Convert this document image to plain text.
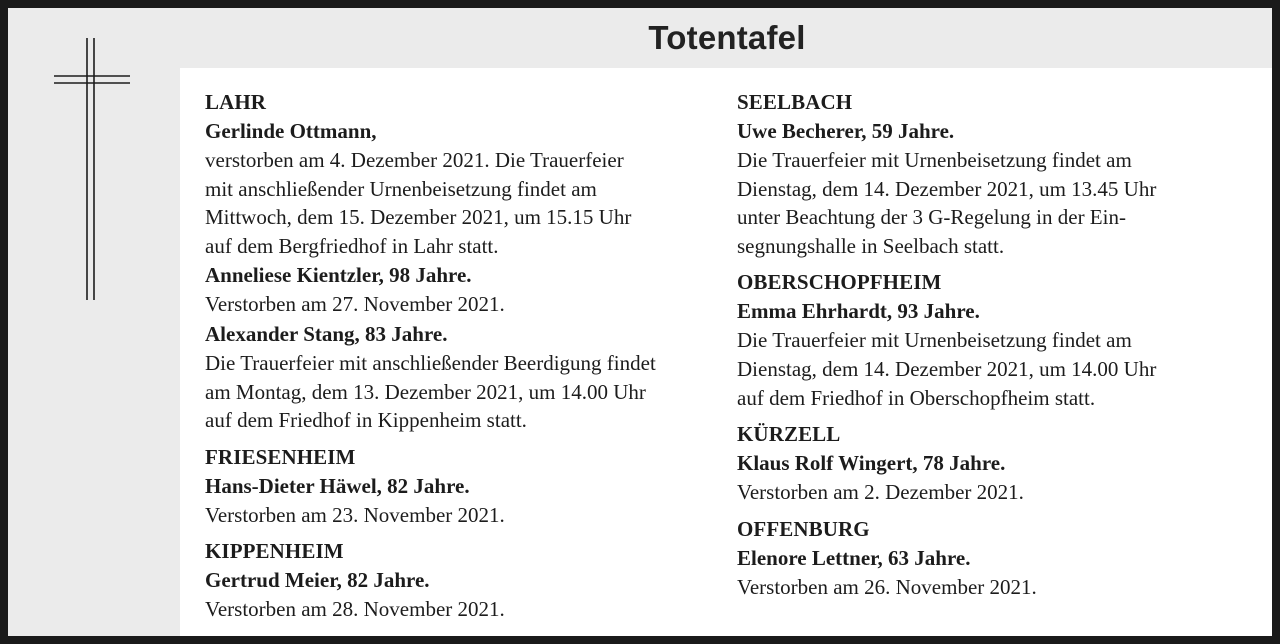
Totentafel
LAHR
Gerlinde Ottmann,
verstorben am 4. Dezember 2021. Die Trauerfeier
mit anschließender Urnenbeisetzung findet am
Mittwoch, dem 15. Dezember 2021, um 15.15 Uhr
auf dem Bergfriedhof in Lahr statt.
Anneliese Kientzler, 98 Jahre.
Verstorben am 27. November 2021.
Alexander Stang, 83 Jahre.
Die Trauerfeier mit anschließender Beerdigung findet
am Montag, dem 13. Dezember 2021, um 14.00 Uhr
auf dem Friedhof in Kippenheim statt.
FRIESENHEIM
Hans-Dieter Häwel, 82 Jahre.
Verstorben am 23. November 2021.
KIPPENHEIM
Gertrud Meier, 82 Jahre.
Verstorben am 28. November 2021.
SEELBACH
Uwe Becherer, 59 Jahre.
Die Trauerfeier mit Urnenbeisetzung findet am
Dienstag, dem 14. Dezember 2021, um 13.45 Uhr
unter Beachtung der 3 G-Regelung in der Ein-
segnungshalle in Seelbach statt.
OBERSCHOPFHEIM
Emma Ehrhardt, 93 Jahre.
Die Trauerfeier mit Urnenbeisetzung findet am
Dienstag, dem 14. Dezember 2021, um 14.00 Uhr
auf dem Friedhof in Oberschopfheim statt.
KÜRZELL
Klaus Rolf Wingert, 78 Jahre.
Verstorben am 2. Dezember 2021.
OFFENBURG
Elenore Lettner, 63 Jahre.
Verstorben am 26. November 2021.
